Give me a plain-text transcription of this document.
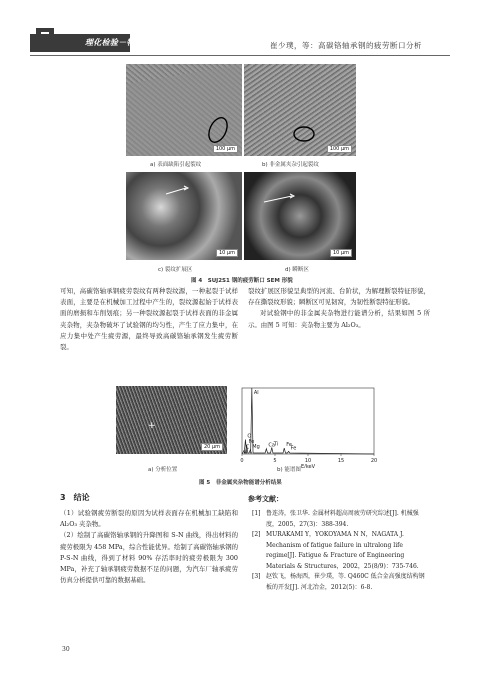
理化检验－物理分册	崔少璞，等：高碳铬轴承钢的疲劳断口分析
100 μm
a) 表面缺陷引起裂纹
100 μm
b) 非金属夹杂引起裂纹
10 μm
c) 裂纹扩展区
10 μm
d) 瞬断区
图 4　SUJ2S1 钢的疲劳断口 SEM 形貌

可知，高碳铬轴承钢疲劳裂纹有两种裂纹源，一种起裂于试样表面，主要是在机械加工过程中产生的，裂纹源起始于试样表面的磨损和车削划痕；另一种裂纹源起裂于试样表面的非金属夹杂物，夹杂物破坏了试验钢的均匀性，产生了应力集中，在应力集中处产生疲劳源，最终导致高碳铬轴承钢发生疲劳断裂。

裂纹扩展区形貌呈典型的河流、台阶状，为解理断裂特征形貌，存在撕裂纹形貌；瞬断区可见韧窝，为韧性断裂特征形貌。

对试验钢中的非金属夹杂物进行能谱分析，结果如图 5 所示。由图 5 可知：夹杂物主要为 Al₂O₃。

+
20 μm
a) 分析位置
C
O
Fe
Mg
Al
Ca
Ti Fe
Fe
0	5	10	15	20
E/keV
b) 能谱图
图 5　非金属夹杂物能谱分析结果
3　结论

（1）试验钢疲劳断裂的原因为试样表面存在机械加工缺陷和 Al₂O₃ 夹杂物。

（2）绘制了高碳铬轴承钢的升降图和 S-N 曲线，得出材料的疲劳极限为 458 MPa，综合性能优异。绘制了高碳铬轴承钢的 P-S-N 曲线，得到了材料 90% 存活率时的疲劳极限为 300 MPa，补充了轴承钢疲劳数据不足的问题，为汽车厂轴承疲劳仿真分析提供可靠的数据基础。

参考文献：
[1] 鲁连涛，张卫华. 金属材料超高周疲劳研究综述[J]. 机械强度，2005，27(3)：388-394.
[2] MURAKAMI Y，YOKOYAMA N N，NAGATA J. Mechanism of fatigue failure in ultralong life regime[J]. Fatigue & Fracture of Engineering Materials & Structures，2002，25(8/9)：735-746.
[3] 赵钦飞，杨海西，崔少璞，等. Q460C 低合金高强度结构钢板的开发[J]. 河北冶金，2012(5)：6-8.
30
